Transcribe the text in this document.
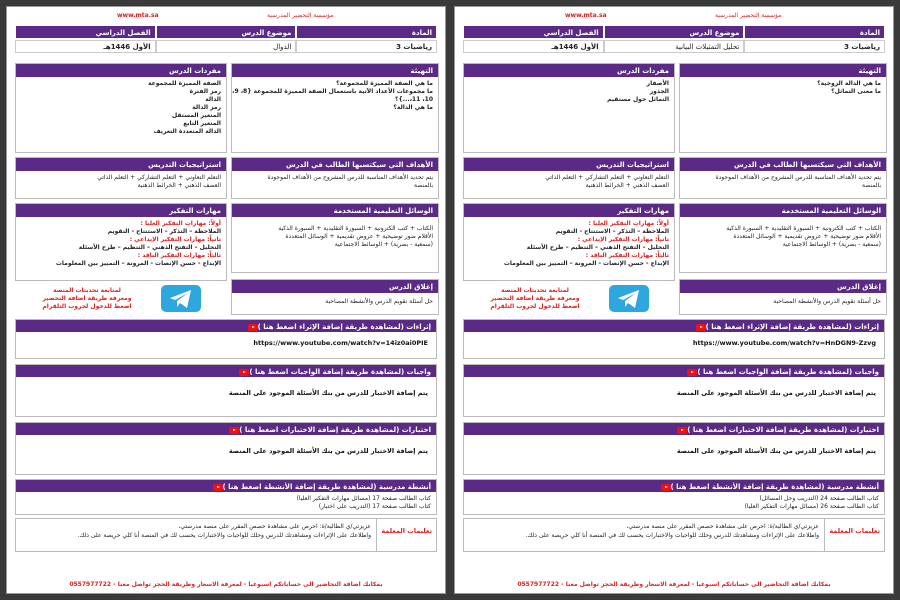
www.mta.sa	مؤسسة التحضير المدرسية
المادة
موضوع الدرس
الفصل الدراسي
رياضيات 3
الدوال
الأول 1446هـ
التهيئة
ما هي الصفة المميزة للمجموعة؟
ما مجموعات الأعداد الآتية باستعمال الصفة المميزة للمجموعة {8، 9،
10، 11،...}؟
ما هي الدالة؟
مفردات الدرس
الصفة المميزة للمجموعة
رمز الفترة
الدالة
رمز الدالة
المتغير المستقل
المتغير التابع
الدالة المتعددة التعريف
الأهداف التي سيكتسبها الطالب في الدرس
يتم تحديد الأهداف المناسبة للدرس المشروح من الأهداف الموجودة
بالمنصة
استراتيجيات التدريس
التعلم التعاوني + التعلم التشاركي + التعلم الذاتي
العصف الذهني + الخرائط الذهنية
الوسائل التعليمية المستخدمة
الكتاب + كتب الكترونية + السبورة التقليدية + السبورة الذكية
الأقلام صور توضيحية + عروض تقديمية + الوسائل المتعددة
(سمعية - بصرية) + الوسائط الاجتماعية
مهارات التفكير
أولاً: مهارات التفكير العليا :
الملاحظة – التذكر – الاستنتاج - التقويم
ثانياً: مهارات التفكير الإبداعي :
التحليل – التفتح الذهني – التنظيم – طرح الأسئلة
ثالثاً: مهارات التفكير الناقد :
الإبداع - حسن الإنصات - المرونة – التمييز بين المعلومات
إغلاق الدرس
حل أسئلة تقويم الدرس والأنشطة المصاحبة
لمتابعة تحديثات المنصة
ومعرفة طريقة اضافة التحضير
اضغط للدخول لجروب التلقرام
إثراءات (لمشاهدة طريقة إضافة الإثراء اضغط هنا )
https://www.youtube.com/watch?v=14iz0ai0PIE
واجبات (لمشاهدة طريقة إضافة الواجبات اضغط هنا )
يتم إضافة الاختبار للدرس من بنك الأسئلة الموجود على المنصة
اختبارات (لمشاهدة طريقة إضافة الاختبارات اضغط هنا )
يتم إضافة الاختبار للدرس من بنك الأسئلة الموجود على المنصة
أنشطة مدرسية (لمشاهدة طريقة إضافة الأنشطة اضغط هنا )
كتاب الطالب صفحة 17 (مسائل مهارات التفكير العليا)
كتاب الطالب صفحة 17 (التدريب على اختبار)
تعليمات المعلمة
عزيزتي/ي الطالبة/ة: احرص على مشاهدة حصص المقرر على منصة مدرستي،
واطلاعك على الإثراءات ومشاهدتك للدرس وحلك للواجبات والاختبارات يحسب لك في المنصة أنا كلي حريصة على ذلك.
بمكانك اضافة التحاضير الى حساباتكم اسبوعيا - لمعرفة الاسعار وطريقة الحجز تواصل معنا - 0557977722
www.mta.sa	مؤسسة التحضير المدرسية
المادة
موضوع الدرس
الفصل الدراسي
رياضيات 3
تحليل التمثيلات البيانية
الأول 1446هـ
التهيئة
ما هي الدالة الزوجية؟
ما معنى التماثل؟
مفردات الدرس
الأصفار
الجذور
التماثل حول مستقيم
الأهداف التي سيكتسبها الطالب في الدرس
يتم تحديد الأهداف المناسبة للدرس المشروح من الأهداف الموجودة
بالمنصة
استراتيجيات التدريس
التعلم التعاوني + التعلم التشاركي + التعلم الذاتي
العصف الذهني + الخرائط الذهنية
الوسائل التعليمية المستخدمة
الكتاب + كتب الكترونية + السبورة التقليدية + السبورة الذكية
الأقلام صور توضيحية + عروض تقديمية + الوسائل المتعددة
(سمعية - بصرية) + الوسائط الاجتماعية
مهارات التفكير
أولاً: مهارات التفكير العليا :
الملاحظة – التذكر – الاستنتاج - التقويم
ثانياً: مهارات التفكير الإبداعي :
التحليل – التفتح الذهني – التنظيم – طرح الأسئلة
ثالثاً: مهارات التفكير الناقد :
الإبداع - حسن الإنصات - المرونة – التمييز بين المعلومات
إغلاق الدرس
حل أسئلة تقويم الدرس والأنشطة المصاحبة
لمتابعة تحديثات المنصة
ومعرفة طريقة اضافة التحضير
اضغط للدخول لجروب التلقرام
إثراءات (لمشاهدة طريقة إضافة الإثراء اضغط هنا )
https://www.youtube.com/watch?v=HnDGN9-Zzvg
واجبات (لمشاهدة طريقة إضافة الواجبات اضغط هنا )
يتم إضافة الاختبار للدرس من بنك الأسئلة الموجود على المنصة
اختبارات (لمشاهدة طريقة إضافة الاختبارات اضغط هنا )
يتم إضافة الاختبار للدرس من بنك الأسئلة الموجود على المنصة
أنشطة مدرسية (لمشاهدة طريقة إضافة الأنشطة اضغط هنا )
كتاب الطالب صفحة 24 (التدريب وحل المسائل)
كتاب الطالب صفحة 26 (مسائل مهارات التفكير العليا)
تعليمات المعلمة
عزيزتي/ي الطالبة/ة: احرص على مشاهدة حصص المقرر على منصة مدرستي،
واطلاعك على الإثراءات ومشاهدتك للدرس وحلك للواجبات والاختبارات يحسب لك في المنصة أنا كلي حريصة على ذلك.
بمكانك اضافة التحاضير الى حساباتكم اسبوعيا - لمعرفة الاسعار وطريقة الحجز تواصل معنا - 0557977722
